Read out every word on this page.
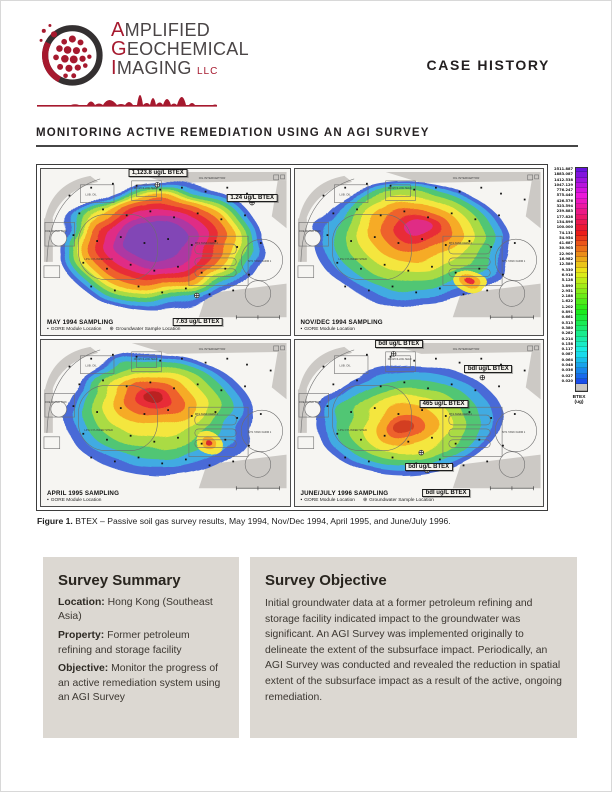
AMPLIFIED
GEOCHEMICAL
IMAGING LLC	CASE HISTORY
MONITORING ACTIVE REMEDIATION USING AN AGI SURVEY
OIL INTERCEPTOR
FIRE WATER TANK
LUB. OIL
LPG CYLINDER SHED
DRUM FILLING SHED
MT2 TANK FARM 2
MT1 TANK FARM 1
MAY 1994 SAMPLING
▪ GORE Module Location ⊕ Groundwater Sample Location
1,123.8 ug/L BTEX
1.24 ug/L BTEX
7.63 ug/L BTEX
OIL INTERCEPTOR
FIRE WATER TANK
LUB. OIL
LPG CYLINDER SHED
DRUM FILLING SHED
MT2 TANK FARM 2
MT1 TANK FARM 1
NOV/DEC 1994 SAMPLING
▪ GORE Module Location
OIL INTERCEPTOR
FIRE WATER TANK
LUB. OIL
LPG CYLINDER SHED
DRUM FILLING SHED
MT2 TANK FARM 2
MT1 TANK FARM 1
APRIL 1995 SAMPLING
▪ GORE Module Location
OIL INTERCEPTOR
FIRE WATER TANK
LUB. OIL
LPG CYLINDER SHED
DRUM FILLING SHED
MT2 TANK FARM 2
MT1 TANK FARM 1
JUNE/JULY 1996 SAMPLING
▪ GORE Module Location ⊕ Groundwater Sample Location
bdl ug/L BTEX
bdl ug/L BTEX
465 ug/L BTEX
bdl ug/L BTEX
bdl ug/L BTEX
2511.887
1883.087
1412.538
1047.129
776.247
575.440
426.576
323.594
239.883
177.828
134.896
100.000
74.131
54.954
41.687
30.903
22.909
16.982
12.589
9.330
6.918
5.128
3.890
2.951
2.188
1.622
1.202
0.891
0.661
0.513
0.380
0.282
0.214
0.158
0.117
0.087
0.064
0.048
0.036
0.027
0.020
BTEX
(ug)
Figure 1. BTEX – Passive soil gas survey results, May 1994, Nov/Dec 1994, April 1995, and June/July 1996.
Survey Summary
Location: Hong Kong (Southeast Asia)
Property: Former petroleum refining and storage facility
Objective: Monitor the progress of an active remediation system using an AGI Survey
Survey Objective
Initial groundwater data at a former petroleum refining and storage facility indicated impact to the groundwater was significant. An AGI Survey was implemented originally to delineate the extent of the subsurface impact. Periodically, an AGI Survey was conducted and revealed the reduction in spatial extent of the subsurface impact as a result of the active, ongoing remediation.
